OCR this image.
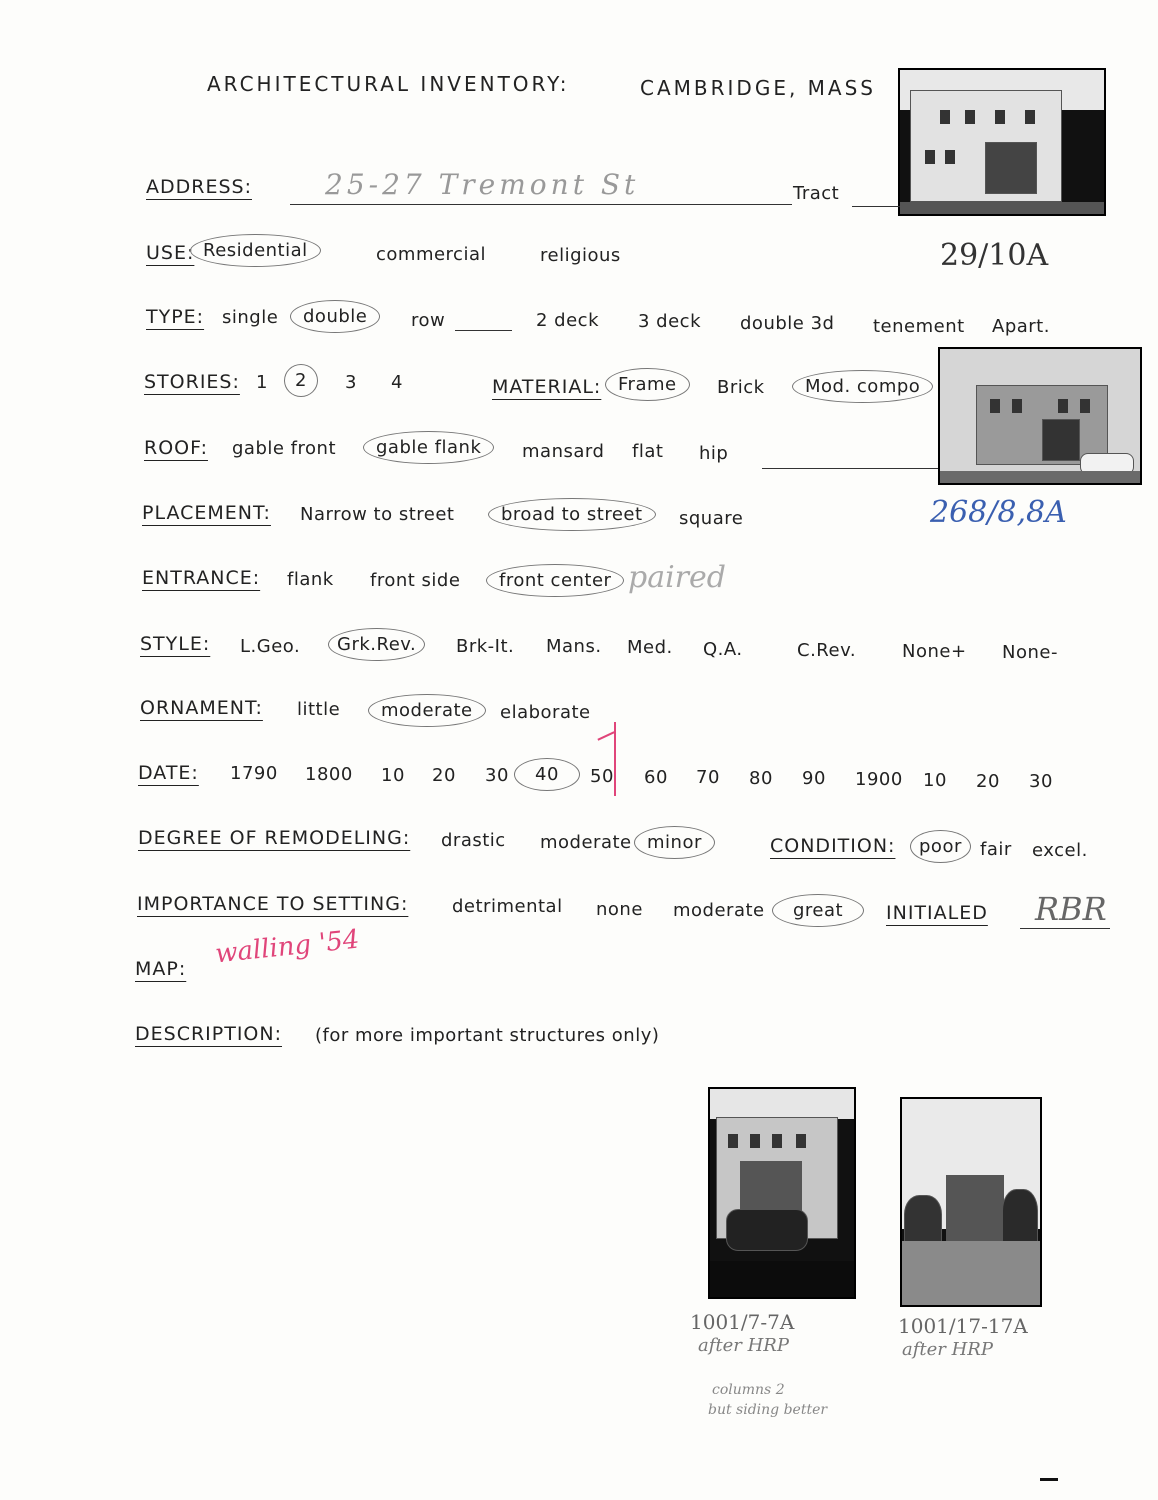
ARCHITECTURAL INVENTORY:	CAMBRIDGE, MASS
ADDRESS:	25-27 Tremont St	Tract
USE: Residential	commercial	religious	29/10A
TYPE: single	double	row	2 deck 3 deck double 3d tenement Apart.
STORIES: 1	2	3 4	MATERIAL: Frame	Brick	Mod. compo
ROOF: gable front	gable flank	mansard flat hip
PLACEMENT: Narrow to street	broad to street	square	268/8,8A
ENTRANCE: flank front side	front center paired
STYLE: L.Geo.	Grk.Rev.	Brk-It. Mans. Med. Q.A.	C.Rev.	None+ None-
ORNAMENT: little	moderate	elaborate
DATE: 1790 1800 10 20 30	40	50 60 70 80 90 1900 10 20 30
DEGREE OF REMODELING: drastic moderate minor	CONDITION:	poor	fair excel.
IMPORTANCE TO SETTING: detrimental none moderate	great	INITIALED RBR
MAP: walling '54
DESCRIPTION: (for more important structures only)
1001/7-7A
after HRP
1001/17-17A
after HRP
columns 2
but siding better
